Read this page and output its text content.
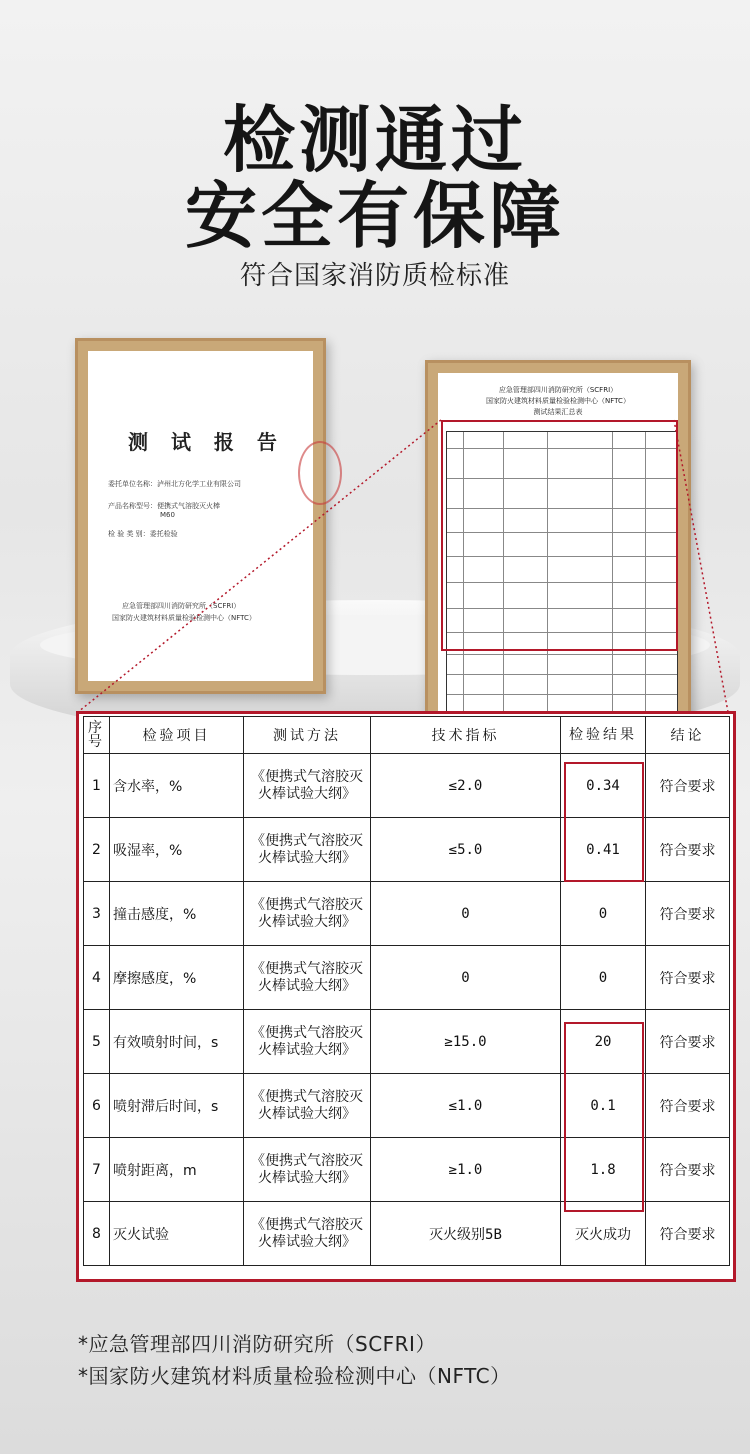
检测通过
安全有保障
符合国家消防质检标准
测 试 报 告
委托单位名称：泸州北方化学工业有限公司
产品名称型号：便携式气溶胶灭火棒
M60
检 验 类 别：委托检验
应急管理部四川消防研究所（SCFRI）
国家防火建筑材料质量检验检测中心（NFTC）
应急管理部四川消防研究所（SCFRI）
国家防火建筑材料质量检验检测中心（NFTC）
测试结果汇总表
序号	检验项目	测试方法	技术指标	检验结果	结论
1	含水率，%	《便携式气溶胶灭火棒试验大纲》	≤2.0	0.34	符合要求
2	吸湿率，%	《便携式气溶胶灭火棒试验大纲》	≤5.0	0.41	符合要求
3	撞击感度，%	《便携式气溶胶灭火棒试验大纲》	0	0	符合要求
4	摩擦感度，%	《便携式气溶胶灭火棒试验大纲》	0	0	符合要求
5	有效喷射时间，s	《便携式气溶胶灭火棒试验大纲》	≥15.0	20	符合要求
6	喷射滞后时间，s	《便携式气溶胶灭火棒试验大纲》	≤1.0	0.1	符合要求
7	喷射距离，m	《便携式气溶胶灭火棒试验大纲》	≥1.0	1.8	符合要求
8	灭火试验	《便携式气溶胶灭火棒试验大纲》	灭火级别5B	灭火成功	符合要求
*应急管理部四川消防研究所（SCFRI）
*国家防火建筑材料质量检验检测中心（NFTC）
